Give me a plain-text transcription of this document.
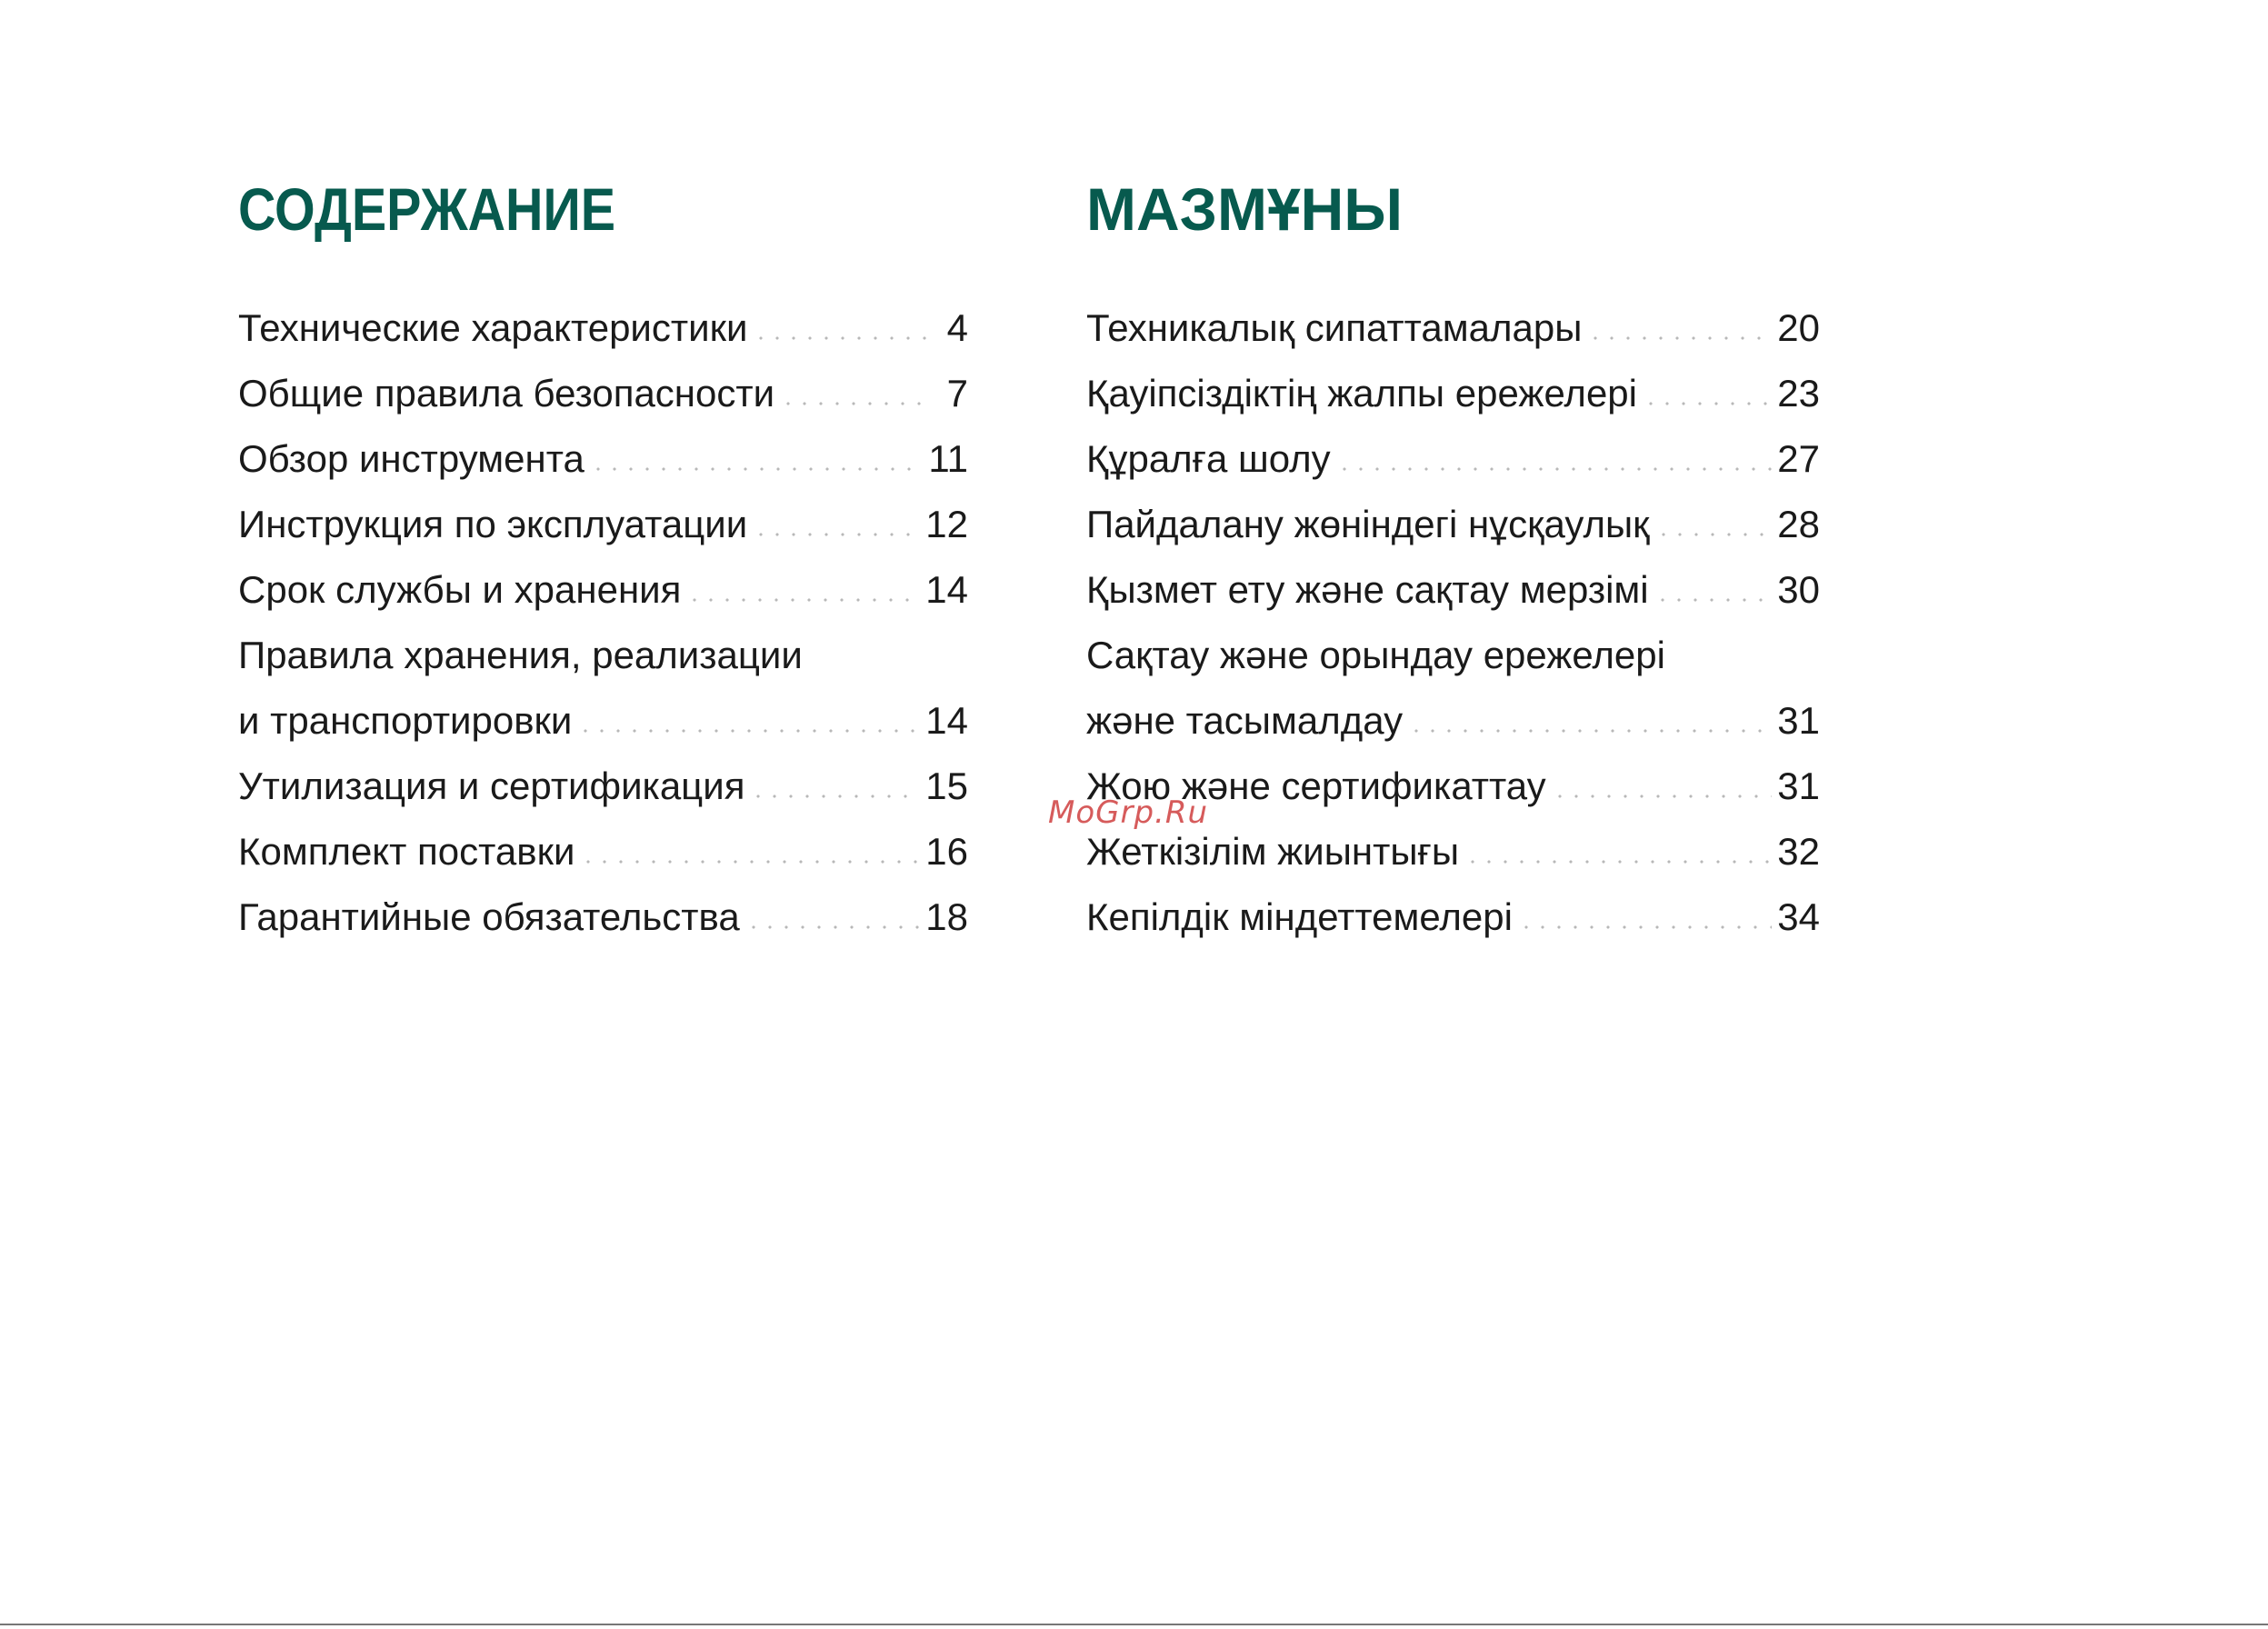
СОДЕРЖАНИЕ
Технические характеристики	4
Общие правила безопасности	7
Обзор инструмента	11
Инструкция по эксплуатации	12
Срок службы и хранения	14
Правила хранения, реализации
и транспортировки	14
Утилизация и сертификация	15
Комплект поставки	16
Гарантийные обязательства	18
МАЗМҰНЫ
Техникалық сипаттамалары	20
Қауіпсіздіктің жалпы ережелері	23
Құралға шолу	27
Пайдалану жөніндегі нұсқаулық	28
Қызмет ету және сақтау мерзімі	30
Сақтау және орындау ережелері
және тасымалдау	31
Жою және сертификаттау	31
Жеткізілім жиынтығы	32
Кепілдік міндеттемелері	34
MoGrp.Ru
